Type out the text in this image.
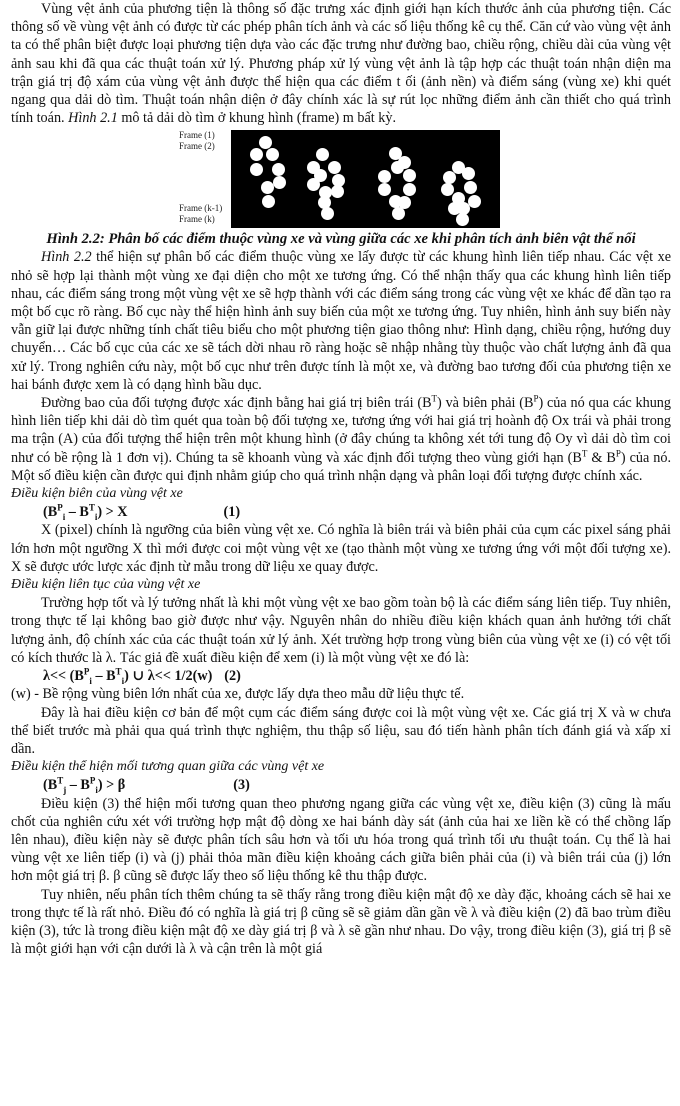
Vùng vệt ảnh của phương tiện là thông số đặc trưng xác định giới hạn kích thước ảnh của phương tiện. Các thông số về vùng vệt ảnh có được từ các phép phân tích ảnh và các số liệu thống kê cụ thể. Căn cứ vào vùng vệt ảnh ta có thể phân biệt được loại phương tiện dựa vào các đặc trưng như đường bao, chiều rộng, chiều dài của vùng vệt ảnh sau khi đã qua các thuật toán xử lý. Phương pháp xử lý vùng vệt ảnh là tập hợp các thuật toán nhận diện ma trận giá trị độ xám của vùng vệt ảnh được thể hiện qua các điểm t ối (ảnh nền) và điểm sáng (vùng xe) khi quét ngang qua dải dò tìm. Thuật toán nhận diện ở đây chính xác là sự rút lọc những điểm ảnh cần thiết cho quá trình tính toán. Hình 2.1 mô tả dải dò tìm ở khung hình (frame) m bất kỳ.

Frame (1)
Frame (2)
Frame (k-1)
Frame (k)
Hình 2.2: Phân bố các điểm thuộc vùng xe và vùng giữa các xe khi phân tích ảnh biên vật thể nổi

Hình 2.2 thể hiện sự phân bố các điểm thuộc vùng xe lấy được từ các khung hình liên tiếp nhau. Các vệt xe nhỏ sẽ hợp lại thành một vùng xe đại diện cho một xe tương ứng. Có thể nhận thấy qua các khung hình liên tiếp nhau, các điểm sáng trong một vùng vệt xe sẽ hợp thành với các điểm sáng trong các vùng vệt xe khác để dần tạo ra một bố cục rõ ràng. Bố cục này thể hiện hình ảnh suy biến của một xe tương ứng. Tuy nhiên, hình ảnh suy biến này vẫn giữ lại được những tính chất tiêu biểu cho một phương tiện giao thông như: Hình dạng, chiều rộng, hướng duy chuyển… Các bố cục của các xe sẽ tách dời nhau rõ ràng hoặc sẽ nhập nhằng tùy thuộc vào chất lượng ảnh đã qua xử lý. Trong nghiên cứu này, một bố cục như trên được tính là một xe, và đường bao tương đối của phương tiện xe hai bánh được xem là có dạng hình bầu dục.

Đường bao của đối tượng được xác định bằng hai giá trị biên trái $(B^T)$ và biên phải $(B^P)$ của nó qua các khung hình liên tiếp khi dải dò tìm quét qua toàn bộ đối tượng xe, tương ứng với hai giá trị hoành độ Ox trái và phải trong ma trận (A) của đối tượng thể hiện trên một khung hình (ở đây chúng ta không xét tới tung độ Oy vì dải dò tìm coi như có bề rộng là 1 đơn vị). Chúng ta sẽ khoanh vùng và xác định đối tượng theo vùng giới hạn ($B^T$ & $B^P$) của nó. Một số điều kiện cần được qui định nhằm giúp cho quá trình nhận dạng và phân loại đối tượng được chính xác.

Điều kiện biên của vùng vệt xe

$(B^P_i - B^T_i) > X$	(1)

X (pixel) chính là ngưỡng của biên vùng vệt xe. Có nghĩa là biên trái và biên phải của cụm các pixel sáng phải lớn hơn một ngưỡng X thì mới được coi một vùng vệt xe (tạo thành một vùng xe tương ứng với một đối tượng xe). X sẽ được ước lược xác định từ mẫu trong dữ liệu xe quay được.

Điều kiện liên tục của vùng vệt xe

Trường hợp tốt và lý tưởng nhất là khi một vùng vệt xe bao gồm toàn bộ là các điểm sáng liên tiếp. Tuy nhiên, trong thực tế lại không bao giờ được như vậy. Nguyên nhân do nhiều điều kiện khách quan ảnh hưởng tới chất lượng ảnh, độ chính xác của các thuật toán xử lý ảnh. Xét trường hợp trong vùng biên của vùng vệt xe (i) có vệt tối có kích thước là λ. Tác giả đề xuất điều kiện để xem (i) là một vùng vệt xe đó là:

$\lambda<< (B^P_i - B^T_i)$ ∪ λ<< 1/2(w) (2)

(w) - Bề rộng vùng biên lớn nhất của xe, được lấy dựa theo mẫu dữ liệu thực tế.

Đây là hai điều kiện cơ bản để một cụm các điểm sáng được coi là một vùng vệt xe. Các giá trị X và w chưa thể biết trước mà phải qua quá trình thực nghiệm, thu thập số liệu, sau đó tiến hành phân tích đánh giá và xấp xỉ dần.

Điều kiện thể hiện mối tương quan giữa các vùng vệt xe

$(B^T_j - B^P_i) > \beta$	(3)

Điều kiện (3) thể hiện mối tương quan theo phương ngang giữa các vùng vệt xe, điều kiện (3) cũng là mấu chốt của nghiên cứu xét với trường hợp mật độ dòng xe hai bánh dày sát (ảnh của hai xe liền kề có thể chồng lấp lên nhau), điều kiện này sẽ được phân tích sâu hơn và tối ưu hóa trong quá trình tối ưu thuật toán. Cụ thể là hai vùng vệt xe liên tiếp (i) và (j) phải thỏa mãn điều kiện khoảng cách giữa biên phải của (i) và biên trái của (j) lớn hơn một giá trị β. β cũng sẽ được lấy theo số liệu thống kê thu thập được.

Tuy nhiên, nếu phân tích thêm chúng ta sẽ thấy rằng trong điều kiện mật độ xe dày đặc, khoảng cách sẽ hai xe trong thực tế là rất nhỏ. Điều đó có nghĩa là giá trị β cũng sẽ sẽ giảm dần gần về λ và điều kiện (2) đã bao trùm điều kiện (3), tức là trong điều kiện mật độ xe dày giá trị β và λ sẽ gần như nhau. Do vậy, trong điều kiện (3), giá trị β sẽ là một giới hạn với cận dưới là λ và cận trên là một giá
